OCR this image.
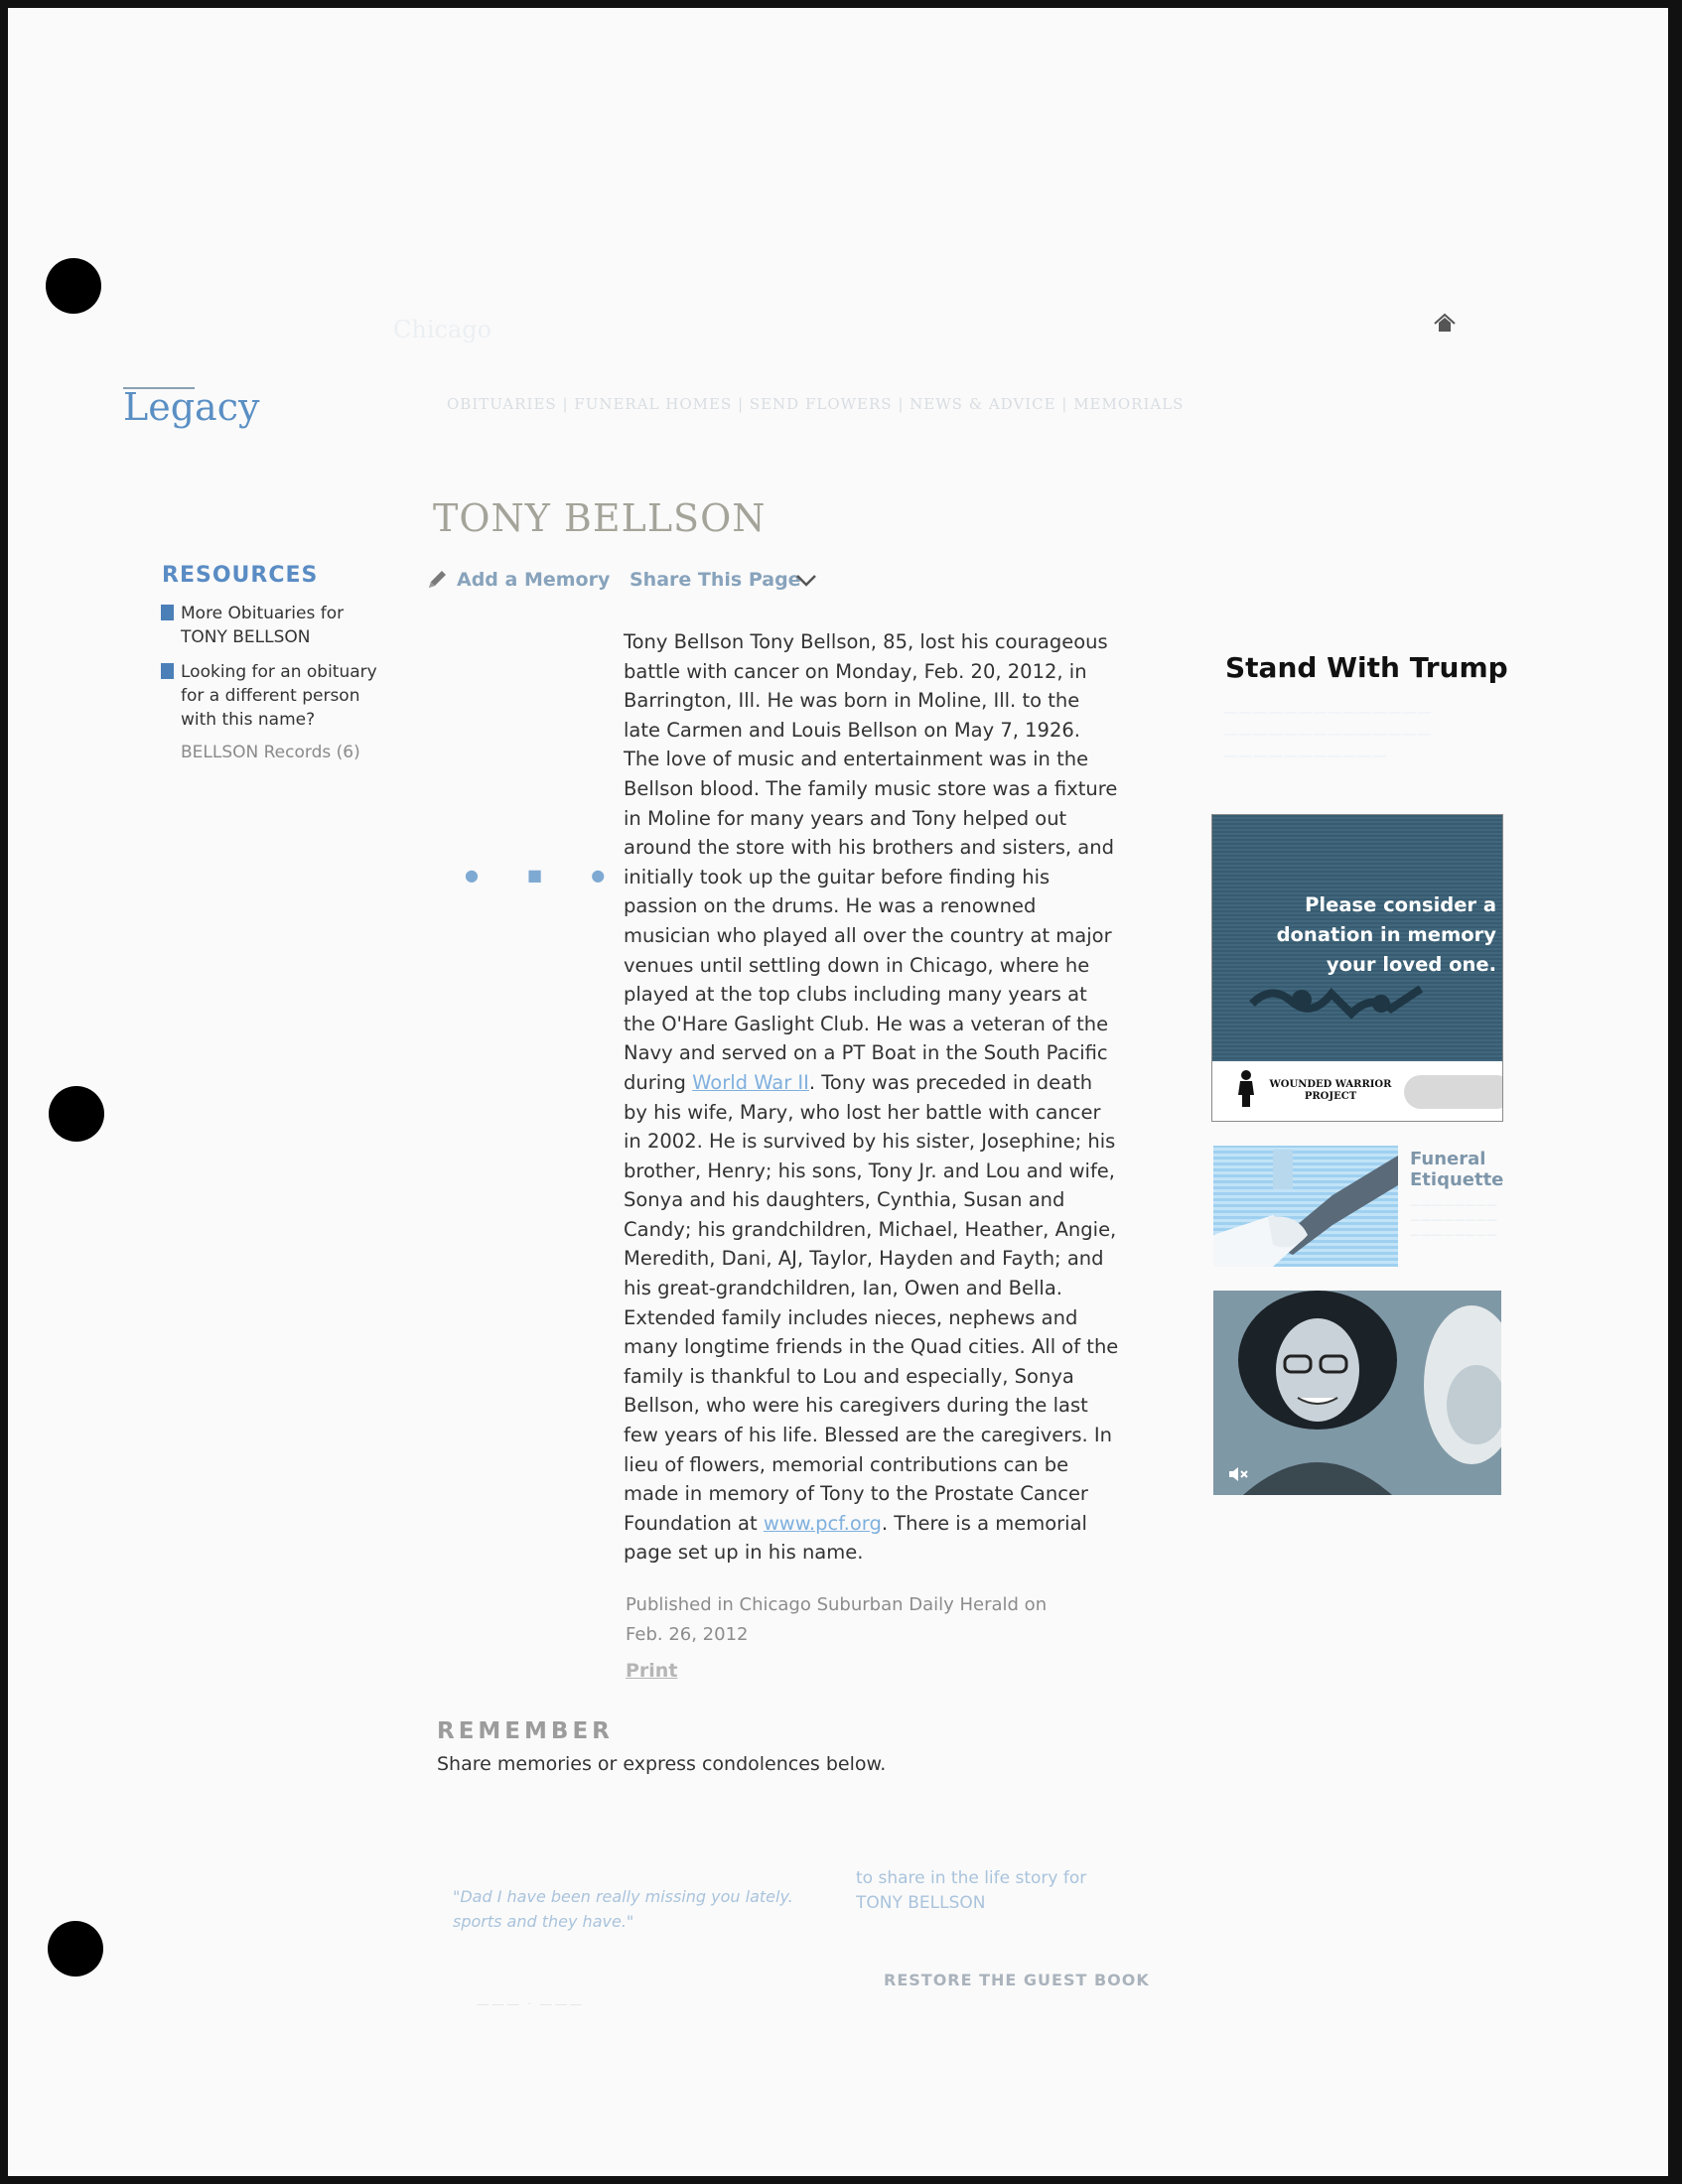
Chicago
Legacy	OBITUARIES | FUNERAL HOMES | SEND FLOWERS | NEWS & ADVICE | MEMORIALS
TONY BELLSON
Add a Memory Share This Page
RESOURCES
More Obituaries for TONY BELLSON
Looking for an obituary for a different person with this name?
BELLSON Records (6)
● ■ ●
Tony Bellson Tony Bellson, 85, lost his courageous battle with cancer on Monday, Feb. 20, 2012, in Barrington, Ill. He was born in Moline, Ill. to the late Carmen and Louis Bellson on May 7, 1926. The love of music and entertainment was in the Bellson blood. The family music store was a fixture in Moline for many years and Tony helped out around the store with his brothers and sisters, and initially took up the guitar before finding his passion on the drums. He was a renowned musician who played all over the country at major venues until settling down in Chicago, where he played at the top clubs including many years at the O'Hare Gaslight Club. He was a veteran of the Navy and served on a PT Boat in the South Pacific during World War II. Tony was preceded in death by his wife, Mary, who lost her battle with cancer in 2002. He is survived by his sister, Josephine; his brother, Henry; his sons, Tony Jr. and Lou and wife, Sonya and his daughters, Cynthia, Susan and Candy; his grandchildren, Michael, Heather, Angie, Meredith, Dani, AJ, Taylor, Hayden and Fayth; and his great-grandchildren, Ian, Owen and Bella. Extended family includes nieces, nephews and many longtime friends in the Quad cities. All of the family is thankful to Lou and especially, Sonya Bellson, who were his caregivers during the last few years of his life. Blessed are the caregivers. In lieu of flowers, memorial contributions can be made in memory of Tony to the Prostate Cancer Foundation at www.pcf.org. There is a memorial page set up in his name.
Published in Chicago Suburban Daily Herald on Feb. 26, 2012
Print
REMEMBER
Share memories or express condolences below.
"Dad I have been really missing you lately. sports and they have."
to share in the life story for TONY BELLSON
RESTORE THE GUEST BOOK
——— · ———
Stand With Trump
——————————————
——————————————
———————————
Please consider a donation in memory your loved one.
WOUNDED WARRIOR PROJECT
Funeral Etiquette
————————
————————
————————
